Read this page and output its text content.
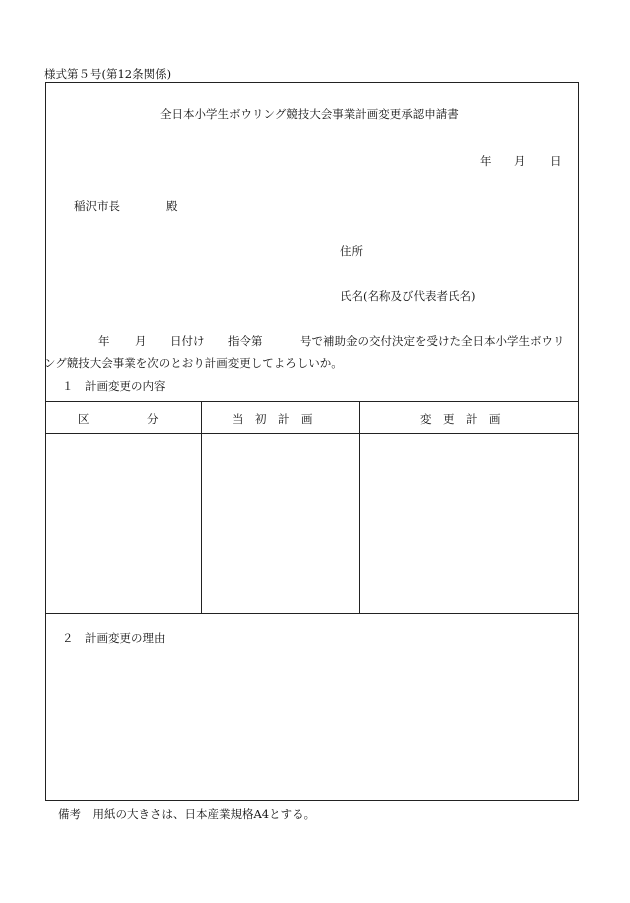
様式第５号(第12条関係)
全日本小学生ボウリング競技大会事業計画変更承認申請書
年 月 日
稲沢市長	殿
住所
氏名(名称及び代表者氏名)
年 月 日付け 指令第	号で補助金の交付決定を受けた全日本小学生ボウリ
ング競技大会事業を次のとおり計画変更してよろしいか。
１　計画変更の内容
区　　　　　分	当　初　計　画	変　更　計　画
２　計画変更の理由
備考　用紙の大きさは、日本産業規格A4とする。
